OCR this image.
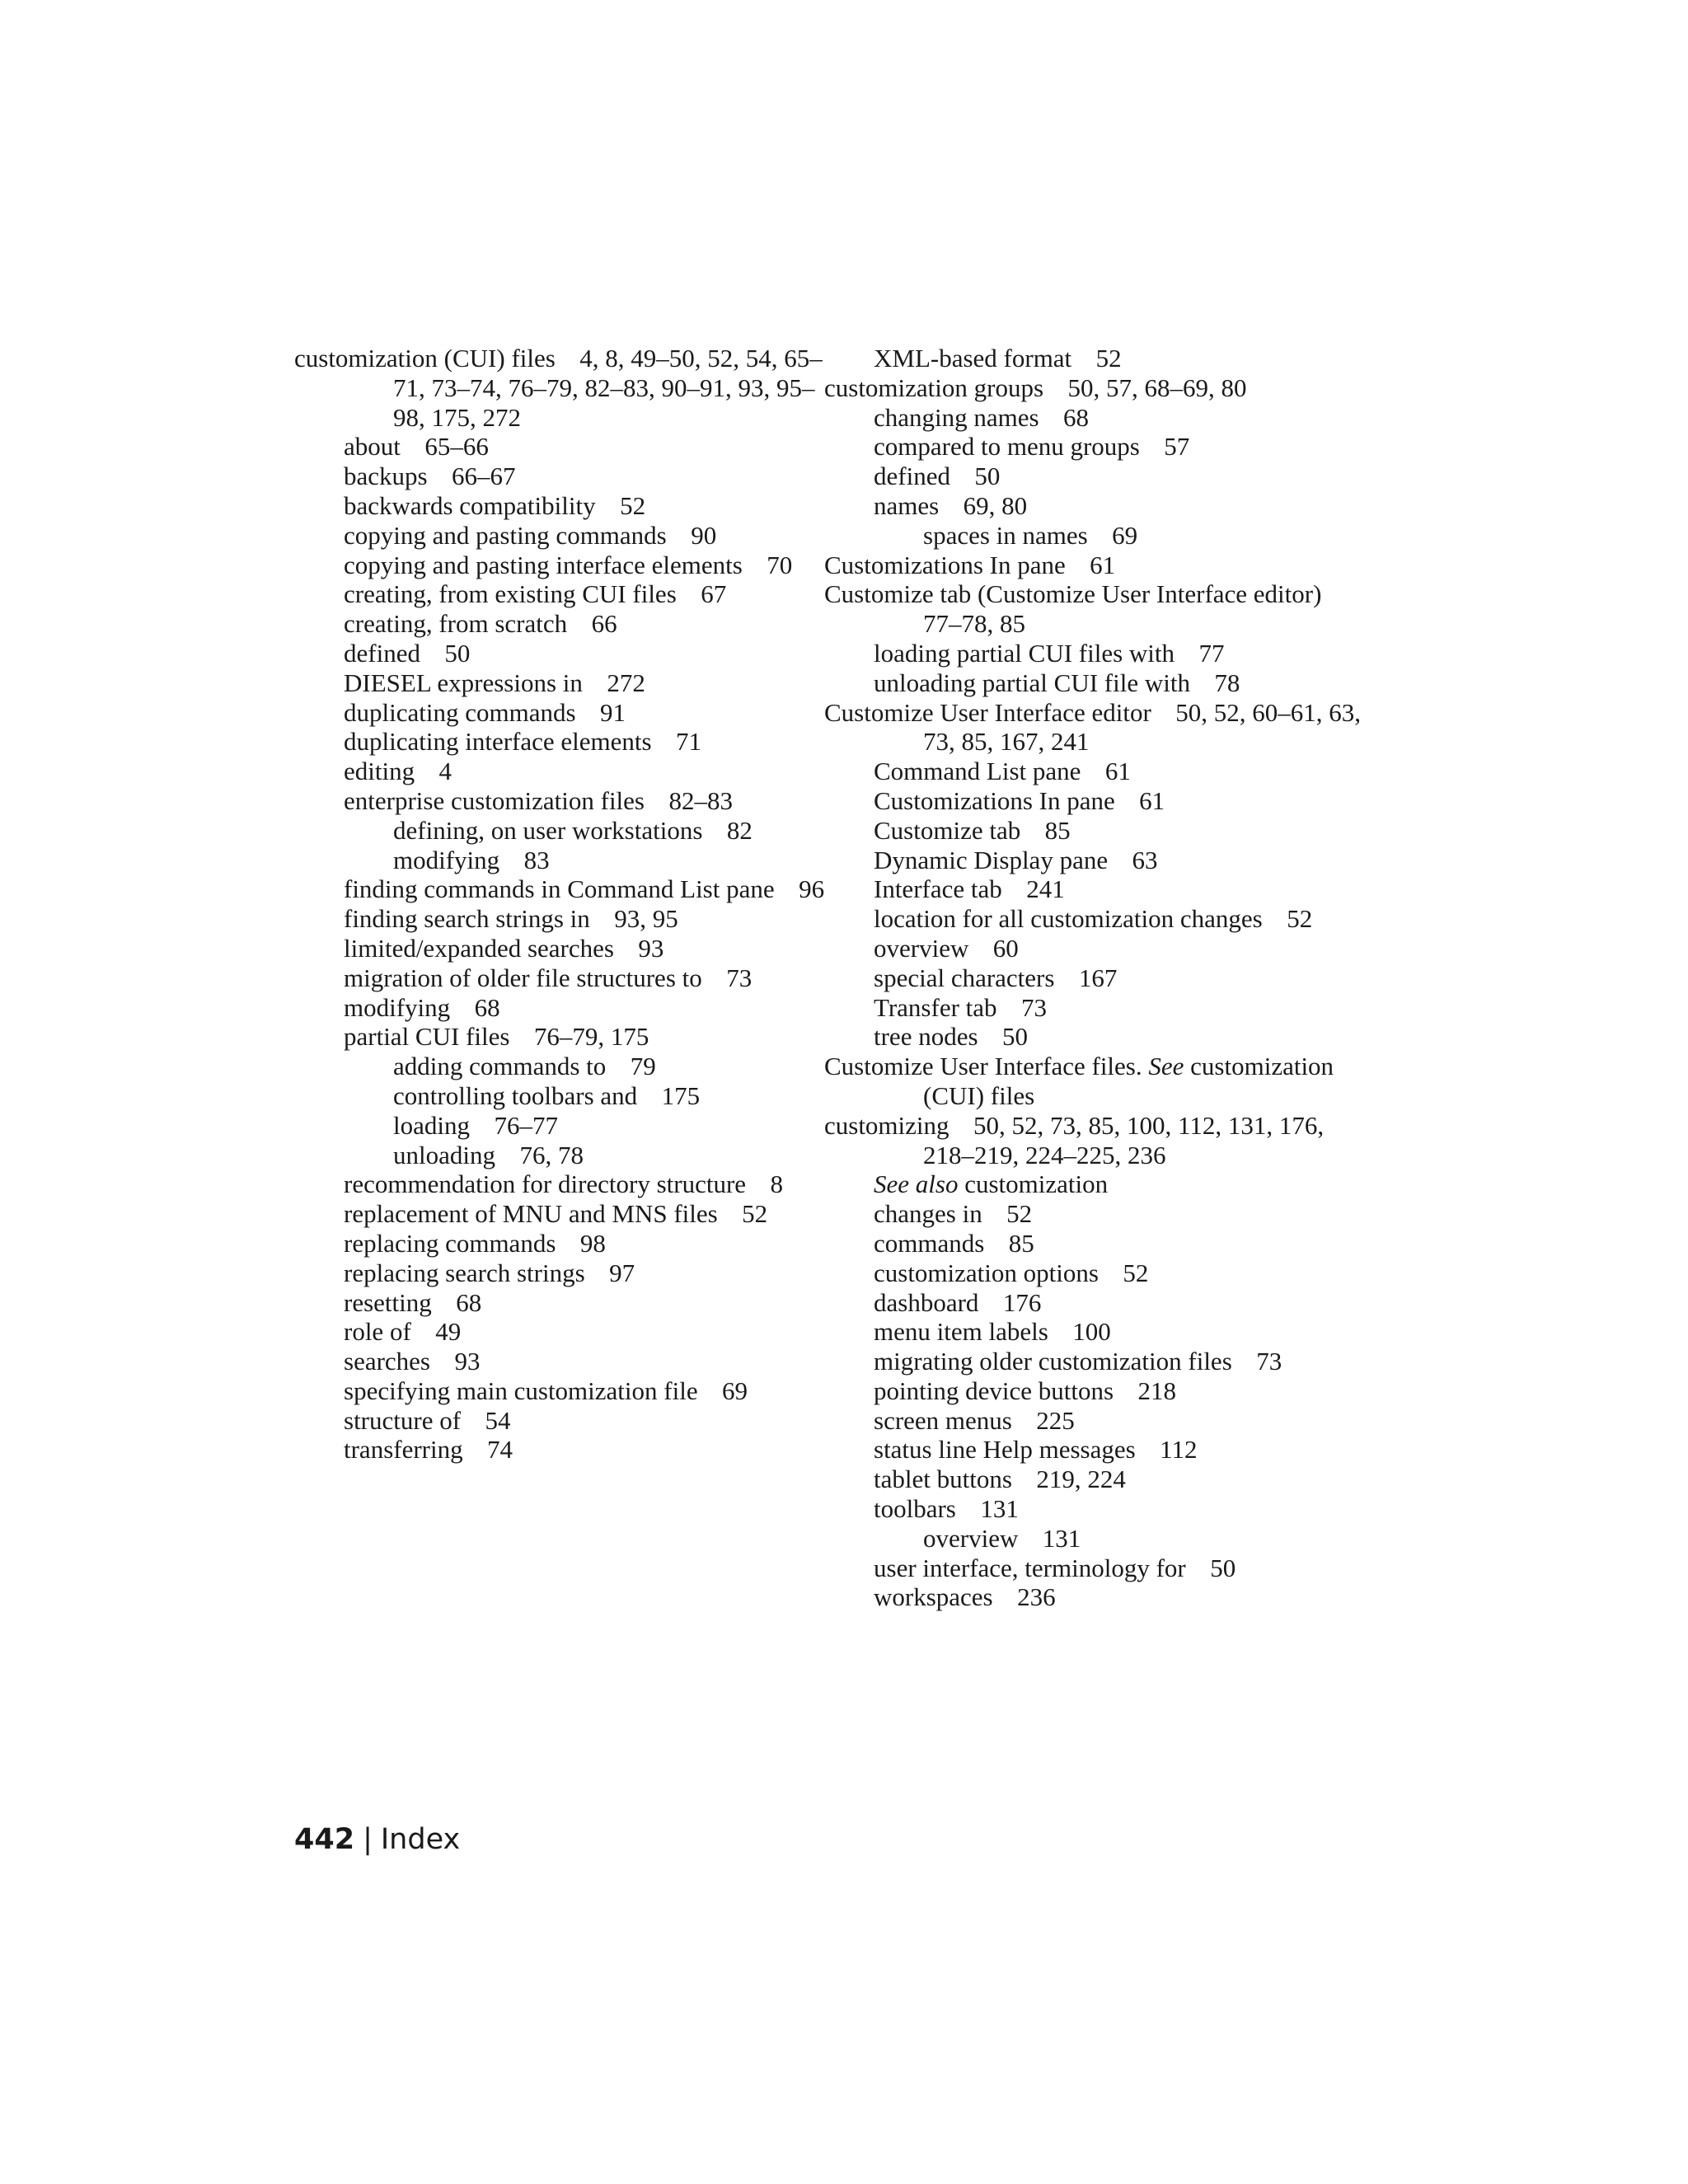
customization (CUI) files 4, 8, 49–50, 52, 54, 65–71, 73–74, 76–79, 82–83, 90–91, 93, 95–98, 175, 272
about 65–66
backups 66–67
backwards compatibility 52
copying and pasting commands 90
copying and pasting interface elements 70
creating, from existing CUI files 67
creating, from scratch 66
defined 50
DIESEL expressions in 272
duplicating commands 91
duplicating interface elements 71
editing 4
enterprise customization files 82–83
defining, on user workstations 82
modifying 83
finding commands in Command List pane 96
finding search strings in 93, 95
limited/expanded searches 93
migration of older file structures to 73
modifying 68
partial CUI files 76–79, 175
adding commands to 79
controlling toolbars and 175
loading 76–77
unloading 76, 78
recommendation for directory structure 8
replacement of MNU and MNS files 52
replacing commands 98
replacing search strings 97
resetting 68
role of 49
searches 93
specifying main customization file 69
structure of 54
transferring 74
XML-based format 52
customization groups 50, 57, 68–69, 80
changing names 68
compared to menu groups 57
defined 50
names 69, 80
spaces in names 69
Customizations In pane 61
Customize tab (Customize User Interface editor)77–78, 85
loading partial CUI files with 77
unloading partial CUI file with 78
Customize User Interface editor 50, 52, 60–61, 63, 73, 85, 167, 241
Command List pane 61
Customizations In pane 61
Customize tab 85
Dynamic Display pane 63
Interface tab 241
location for all customization changes 52
overview 60
special characters 167
Transfer tab 73
tree nodes 50
Customize User Interface files. See customization (CUI) files
customizing 50, 52, 73, 85, 100, 112, 131, 176, 218–219, 224–225, 236
See also customization
changes in 52
commands 85
customization options 52
dashboard 176
menu item labels 100
migrating older customization files 73
pointing device buttons 218
screen menus 225
status line Help messages 112
tablet buttons 219, 224
toolbars 131
overview 131
user interface, terminology for 50
workspaces 236
442 | Index
